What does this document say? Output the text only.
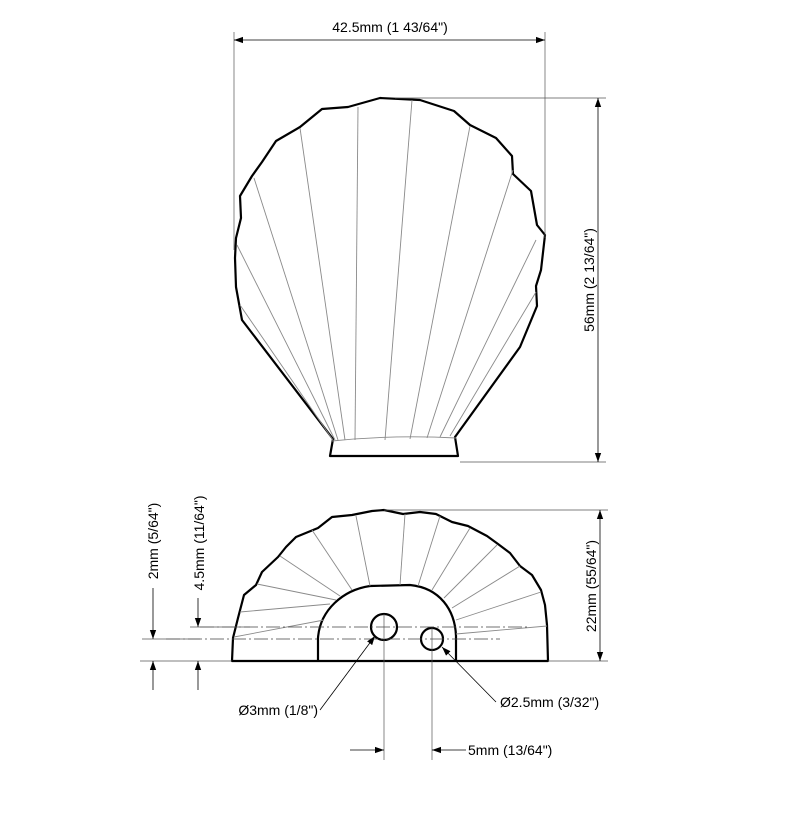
42.5mm (1 43/64")
56mm (2 13/64")
22mm (55/64")
2mm (5/64") 4.5mm (11/64")
Ø3mm (1/8")	Ø2.5mm (3/32")
5mm (13/64")
